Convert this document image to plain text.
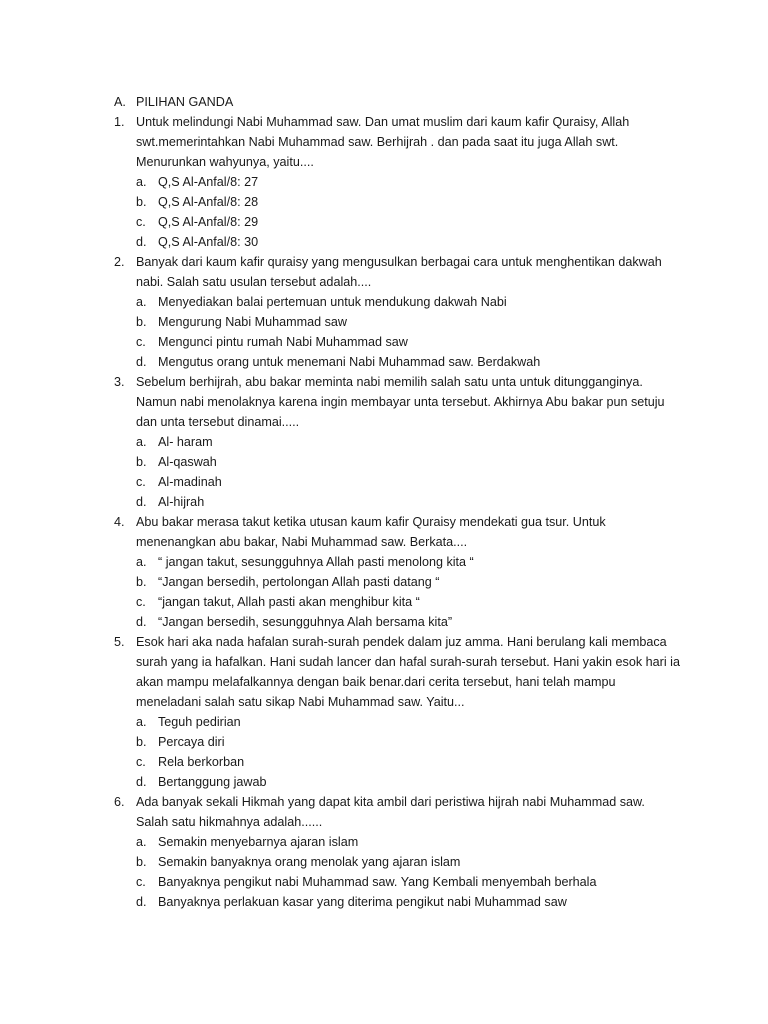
A. PILIHAN GANDA
1. Untuk melindungi Nabi Muhammad saw. Dan umat muslim dari kaum kafir Quraisy, Allah
swt.memerintahkan Nabi Muhammad saw. Berhijrah . dan pada saat itu juga Allah swt.
Menurunkan wahyunya, yaitu....
a. Q,S Al-Anfal/8: 27
b. Q,S Al-Anfal/8: 28
c. Q,S Al-Anfal/8: 29
d. Q,S Al-Anfal/8: 30
2. Banyak dari kaum kafir quraisy yang mengusulkan berbagai cara untuk menghentikan dakwah
nabi. Salah satu usulan tersebut adalah....
a. Menyediakan balai pertemuan untuk mendukung dakwah Nabi
b. Mengurung Nabi Muhammad saw
c. Mengunci pintu rumah Nabi Muhammad saw
d. Mengutus orang untuk menemani Nabi Muhammad saw. Berdakwah
3. Sebelum berhijrah, abu bakar meminta nabi memilih salah satu unta untuk ditungganginya.
Namun nabi menolaknya karena ingin membayar unta tersebut. Akhirnya Abu bakar pun setuju
dan unta tersebut dinamai.....
a. Al- haram
b. Al-qaswah
c. Al-madinah
d. Al-hijrah
4. Abu bakar merasa takut ketika utusan kaum kafir Quraisy mendekati gua tsur. Untuk
menenangkan abu bakar, Nabi Muhammad saw. Berkata....
a. “ jangan takut, sesungguhnya Allah pasti menolong kita “
b. “Jangan bersedih, pertolongan Allah pasti datang “
c. “jangan takut, Allah pasti akan menghibur kita “
d. “Jangan bersedih, sesungguhnya Alah bersama kita”
5. Esok hari aka nada hafalan surah-surah pendek dalam juz amma. Hani berulang kali membaca
surah yang ia hafalkan. Hani sudah lancer dan hafal surah-surah tersebut. Hani yakin esok hari ia
akan mampu melafalkannya dengan baik benar.dari cerita tersebut, hani telah mampu
meneladani salah satu sikap Nabi Muhammad saw. Yaitu...
a. Teguh pedirian
b. Percaya diri
c. Rela berkorban
d. Bertanggung jawab
6. Ada banyak sekali Hikmah yang dapat kita ambil dari peristiwa hijrah nabi Muhammad saw.
Salah satu hikmahnya adalah......
a. Semakin menyebarnya ajaran islam
b. Semakin banyaknya orang menolak yang ajaran islam
c. Banyaknya pengikut nabi Muhammad saw. Yang Kembali menyembah berhala
d. Banyaknya perlakuan kasar yang diterima pengikut nabi Muhammad saw
